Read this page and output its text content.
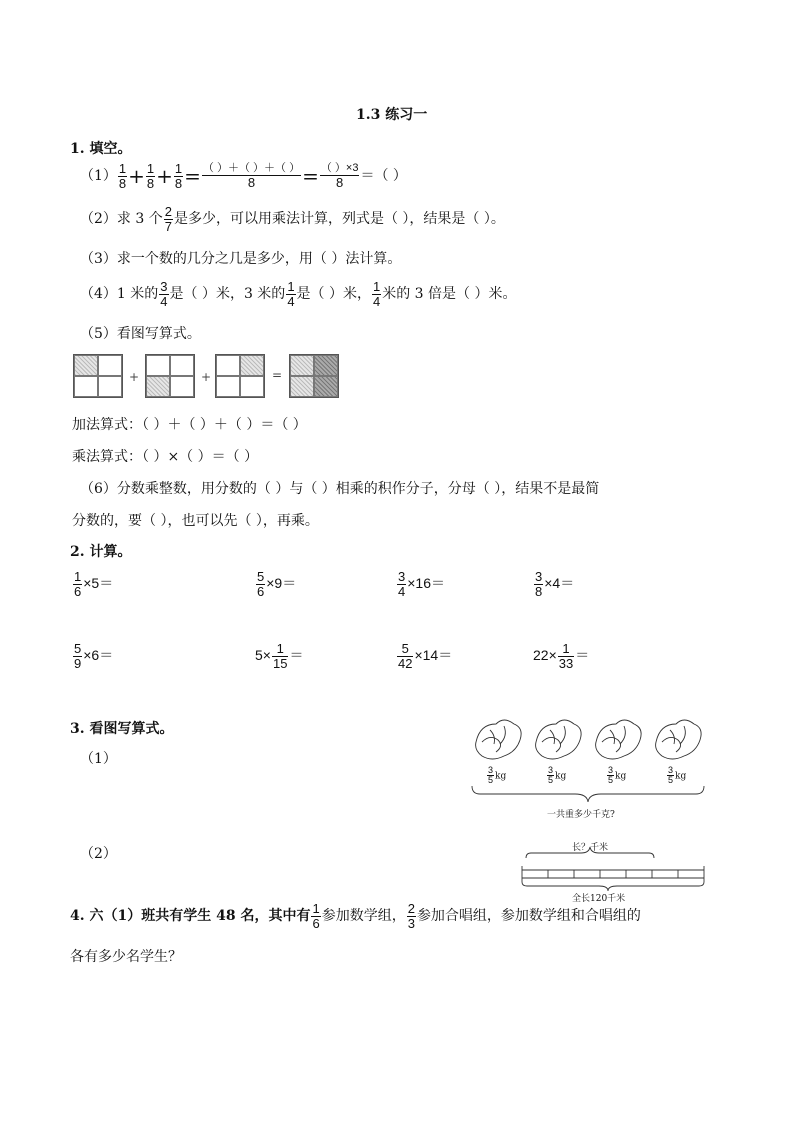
1.3 练习一
1. 填空。
$(1) \frac{1}{8} + \frac{1}{8} + \frac{1}{8} = \frac{( )+( )+( )}{8} = \frac{( )\times 3}{8}$ ＝（ ）
（2）求 3 个 $\frac{2}{7}$ 是多少，可以用乘法计算，列式是（ ），结果是（ ）。
（3）求一个数的几分之几是多少，用（ ）法计算。
（4）1 米的 $\frac{3}{4}$ 是（ ）米，3 米的 $\frac{1}{4}$ 是（ ）米， $\frac{1}{4}$ 米的 3 倍是（ ）米。
（5）看图写算式。
+	+	=
加法算式：（ ）＋（ ）＋（ ）＝（ ）
乘法算式：（ ）×（ ）＝（ ）
（6）分数乘整数，用分数的（ ）与（ ）相乘的积作分子，分母（ ），结果不是最简
分数的，要（ ），也可以先（ ），再乘。
2. 计算。
$\frac{1}{6} \times 5=$	$\frac{5}{6} \times 9=$	$\frac{3}{4} \times 16=$	$\frac{3}{8} \times 4=$
$\frac{5}{9} \times 6=$	$5\times \frac{1}{15}$ ＝	$\frac{5}{42} \times 14=$	$22\times \frac{1}{33}$ ＝
3. 看图写算式。
（1）
（2）
$\frac{3}{5}$ kg	$\frac{3}{5}$ kg	$\frac{3}{5}$ kg	$\frac{3}{5}$ kg
一共重多少千克?
长？千米
全长120千米
4. 六（1）班共有学生 48 名，其中有 $\frac{1}{6}$ 参加数学组， $\frac{2}{3}$ 参加合唱组，参加数学组和合唱组的
各有多少名学生？
